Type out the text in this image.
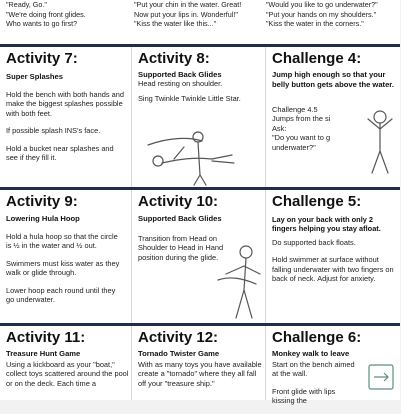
"Ready, Go."
"We're doing front glides.
Who wants to go first?
"Put your chin in the water. Great!
Now put your lips in. Wonderful!"
"Kiss the water like this..."
"Would you like to go underwater?"
"Put your hands on my shoulders."
"Kiss the water in the corners."
Activity 7:
Super Splashes

Hold the bench with both hands and make the biggest splashes possible with both feet.

If possible splash INS's face.

Hold a bucket near splashes and see if they fill it.

Activity 8:
Supported Back Glides

Head resting on shoulder.

Sing Twinkle Twinkle Little Star.

Challenge 4:
Jump high enough so that your belly button gets above the water.
Challenge 4.5
Jumps from the si
Ask:
"Do you want to g
underwater?"
Activity 9:
Lowering Hula Hoop

Hold a hula hoop so that the circle is ½ in the water and ½ out.

Swimmers must kiss water as they walk or glide through.

Lower hoop each round until they go underwater.

Activity 10:
Supported Back Glides

Transition from Head on Shoulder to Head in Hand position during the glide.

Challenge 5:

Lay on your back with only 2 fingers helping you stay afloat.

Do supported back floats.

Hold swimmer at surface without falling underwater with two fingers on back of neck. Adjust for anxiety.

Activity 11:
Treasure Hunt Game

Using a kickboard as your "boat," collect toys scattered around the pool or on the deck. Each time a

Activity 12:
Tornado Twister Game

With as many toys you have available create a "tornado" where they all fall off your "treasure ship."

Challenge 6:
Monkey walk to leave

Start on the bench aimed at the wall.

Front glide with lips kissing the
